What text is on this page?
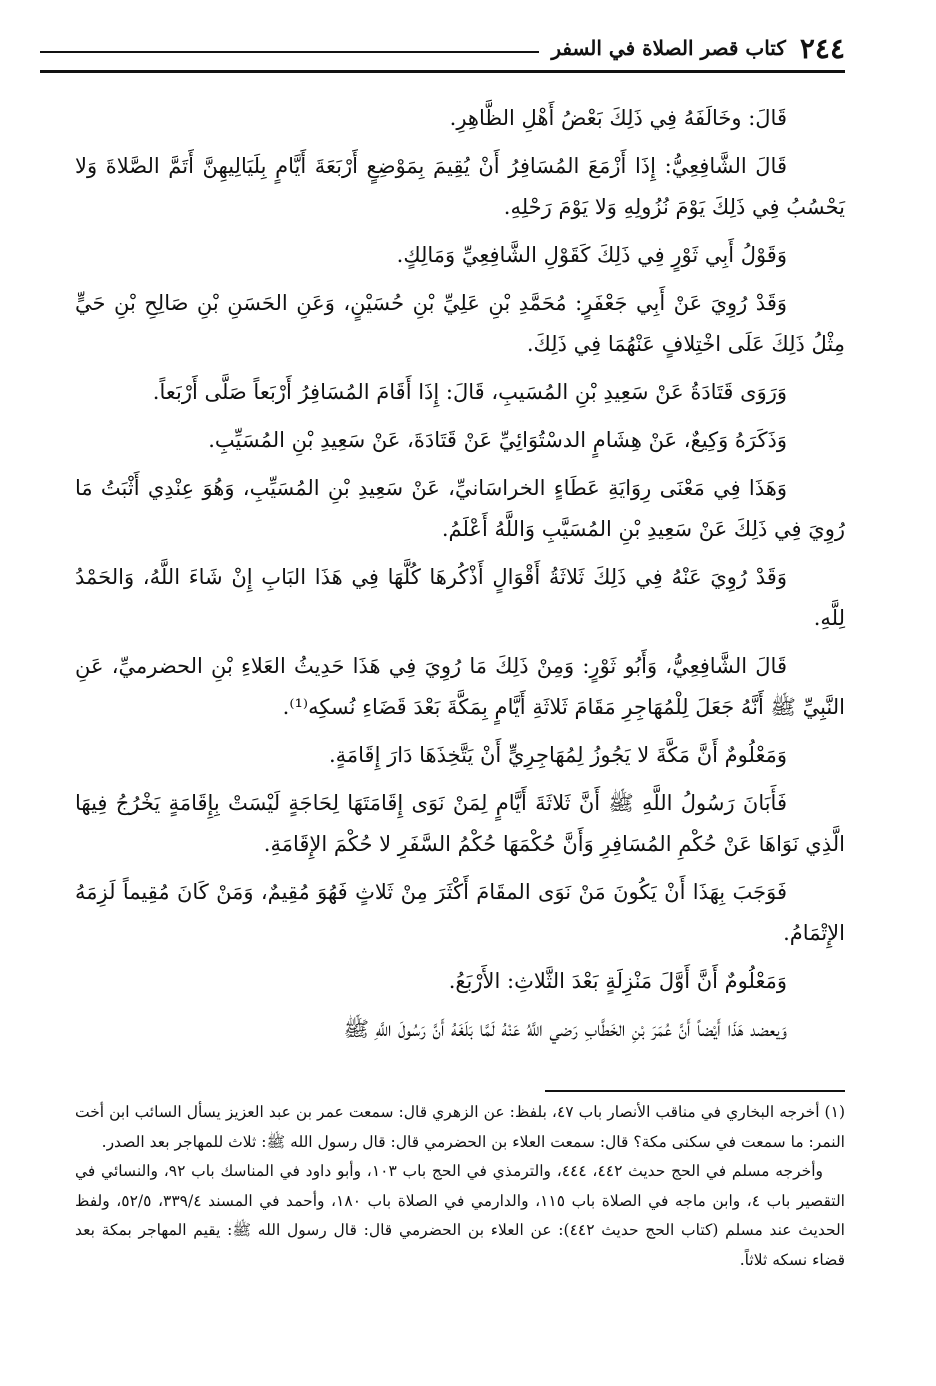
٢٤٤
كتاب قصر الصلاة في السفر

قَالَ: وخَالَفَهُ فِي ذَلِكَ بَعْضُ أَهْلِ الظَّاهِرِ.

قَالَ الشَّافِعِيُّ: إِذَا أَزْمَعَ المُسَافِرُ أَنْ يُقِيمَ بِمَوْضِعٍ أَرْبَعَةَ أَيَّامٍ بِلَيَالِيهِنَّ أَتَمَّ الصَّلاةَ وَلا يَحْسُبُ فِي ذَلِكَ يَوْمَ نُزُولِهِ وَلا يَوْمَ رَحْلِهِ.

وَقَوْلُ أَبِي ثَوْرٍ فِي ذَلِكَ كَقَوْلِ الشَّافِعِيِّ وَمَالِكٍ.

وَقَدْ رُوِيَ عَنْ أَبِي جَعْفَرٍ: مُحَمَّدِ بْنِ عَلِيِّ بْنِ حُسَيْنٍ، وَعَنِ الحَسَنِ بْنِ صَالِحِ بْنِ حَيٍّ مِثْلُ ذَلِكَ عَلَى اخْتِلافٍ عَنْهُمَا فِي ذَلِكَ.

وَرَوَى قَتَادَةُ عَنْ سَعِيدِ بْنِ المُسَيبِ، قَالَ: إِذَا أَقَامَ المُسَافِرُ أَرْبَعاً صَلَّى أَرْبَعاً.

وَذَكَرَهُ وَكِيعٌ، عَنْ هِشَامٍ الدسْتُوَائِيِّ عَنْ قَتَادَةَ، عَنْ سَعِيدِ بْنِ المُسَيِّبِ.

وَهَذَا فِي مَعْنَى رِوَايَةِ عَطَاءٍ الخراسَانيِّ، عَنْ سَعِيدِ بْنِ المُسَيِّبِ، وَهُوَ عِنْدِي أَثْبَتُ مَا رُوِيَ فِي ذَلِكَ عَنْ سَعِيدِ بْنِ المُسَيَّبِ وَاللَّهُ أَعْلَمُ.

وَقَدْ رُوِيَ عَنْهُ فِي ذَلِكَ ثَلاثَةُ أَقْوَالٍ أَذْكُرهَا كُلَّهَا فِي هَذَا البَابِ إِنْ شَاءَ اللَّهُ، وَالحَمْدُ لِلَّهِ.

قَالَ الشَّافِعِيُّ، وَأَبُو ثَوْرٍ: وَمِنْ ذَلِكَ مَا رُوِيَ فِي هَذَا حَدِيثُ العَلاءِ بْنِ الحضرميِّ، عَنِ النَّبِيِّ ﷺ أَنَّهُ جَعَلَ لِلْمُهَاجِرِ مَقَامَ ثَلاثَةِ أَيَّامٍ بِمَكَّةَ بَعْدَ قَضَاءِ نُسكِه⁽¹⁾.

وَمَعْلُومٌ أَنَّ مَكَّةَ لا يَجُوزُ لِمُهَاجِرِيٍّ أَنْ يَتَّخِذَهَا دَارَ إِقَامَةٍ.

فَأَبَانَ رَسُولُ اللَّهِ ﷺ أَنَّ ثَلاثَةَ أَيَّامٍ لِمَنْ نَوَى إِقَامَتَهَا لِحَاجَةٍ لَيْسَتْ بِإِقَامَةٍ يَخْرُجُ فِيهَا الَّذِي نَوَاهَا عَنْ حُكْمِ المُسَافِرِ وَأَنَّ حُكْمَهَا حُكْمُ السَّفَرِ لا حُكْمَ الإِقَامَةِ.

فَوَجَبَ بِهَذَا أَنْ يَكُونَ مَنْ نَوَى المقَامَ أَكْثَرَ مِنْ ثَلاثٍ فَهُوَ مُقِيمٌ، وَمَنْ كَانَ مُقِيماً لَزِمَهُ الإِتْمَامُ.

وَمَعْلُومٌ أَنَّ أَوَّلَ مَنْزِلَةٍ بَعْدَ الثَّلاثِ: الأَرْبَعُ.

وَيعضد هَذَا أَيْضاً أَنَّ عُمَرَ بْنِ الخَطَّابِ رَضي اللَّهُ عَنْهُ لَمَّا بَلَغَهُ أَنَّ رَسُولَ اللَّهِ ﷺ

(١) أخرجه البخاري في مناقب الأنصار باب ٤٧، بلفظ: عن الزهري قال: سمعت عمر بن عبد العزيز يسأل السائب ابن أخت النمر: ما سمعت في سكنى مكة؟ قال: سمعت العلاء بن الحضرمي قال: قال رسول الله ﷺ: ثلاث للمهاجر بعد الصدر.

وأخرجه مسلم في الحج حديث ٤٤٢، ٤٤٤، والترمذي في الحج باب ١٠٣، وأبو داود في المناسك باب ٩٢، والنسائي في التقصير باب ٤، وابن ماجه في الصلاة باب ١١٥، والدارمي في الصلاة باب ١٨٠، وأحمد في المسند ٣٣٩/٤، ٥٢/٥، ولفظ الحديث عند مسلم (كتاب الحج حديث ٤٤٢): عن العلاء بن الحضرمي قال: قال رسول الله ﷺ: يقيم المهاجر بمكة بعد قضاء نسكه ثلاثاً.
